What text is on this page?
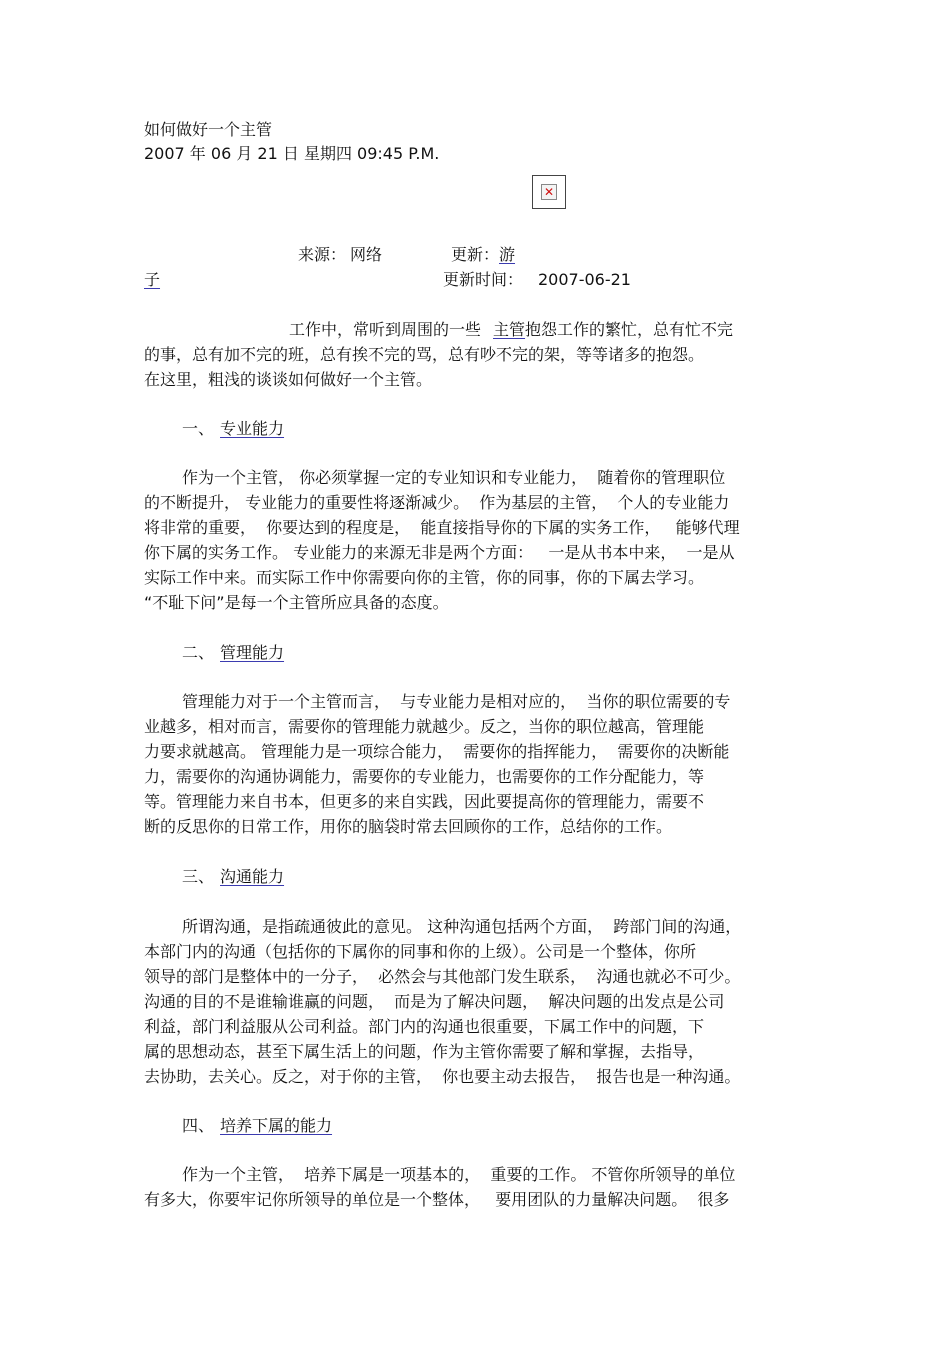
如何做好一个主管
2007 年 06 月 21 日 星期四 09:45 P.M.
✕
来源： 网络	更新： 游
子	更新时间： 2007-06-21
工作中，常听到周围的一些 主管抱怨工作的繁忙，总有忙不完
的事，总有加不完的班，总有挨不完的骂，总有吵不完的架，等等诸多的抱怨。
在这里，粗浅的谈谈如何做好一个主管。
一、 专业能力
作为一个主管， 你必须掌握一定的专业知识和专业能力，  随着你的管理职位
的不断提升， 专业能力的重要性将逐渐减少。  作为基层的主管，  个人的专业能力
将非常的重要，  你要达到的程度是，  能直接指导你的下属的实务工作，   能够代理
你下属的实务工作。 专业能力的来源无非是两个方面：   一是从书本中来，  一是从
实际工作中来。而实际工作中你需要向你的主管，你的同事，你的下属去学习。
“不耻下问”是每一个主管所应具备的态度。
二、 管理能力
管理能力对于一个主管而言，  与专业能力是相对应的，  当你的职位需要的专
业越多，相对而言，需要你的管理能力就越少。反之，当你的职位越高，管理能
力要求就越高。 管理能力是一项综合能力，  需要你的指挥能力，  需要你的决断能
力，需要你的沟通协调能力，需要你的专业能力，也需要你的工作分配能力，等
等。管理能力来自书本，但更多的来自实践，因此要提高你的管理能力，需要不
断的反思你的日常工作，用你的脑袋时常去回顾你的工作，总结你的工作。
三、 沟通能力
所谓沟通，是指疏通彼此的意见。 这种沟通包括两个方面，  跨部门间的沟通，
本部门内的沟通（包括你的下属你的同事和你的上级）。公司是一个整体，你所
领导的部门是整体中的一分子，  必然会与其他部门发生联系，  沟通也就必不可少。
沟通的目的不是谁输谁赢的问题，  而是为了解决问题，  解决问题的出发点是公司
利益，部门利益服从公司利益。部门内的沟通也很重要，下属工作中的问题，下
属的思想动态，甚至下属生活上的问题，作为主管你需要了解和掌握，去指导，
去协助，去关心。反之，对于你的主管，  你也要主动去报告，  报告也是一种沟通。
四、 培养下属的能力
作为一个主管，  培养下属是一项基本的，  重要的工作。 不管你所领导的单位
有多大，你要牢记你所领导的单位是一个整体，   要用团队的力量解决问题。  很多
